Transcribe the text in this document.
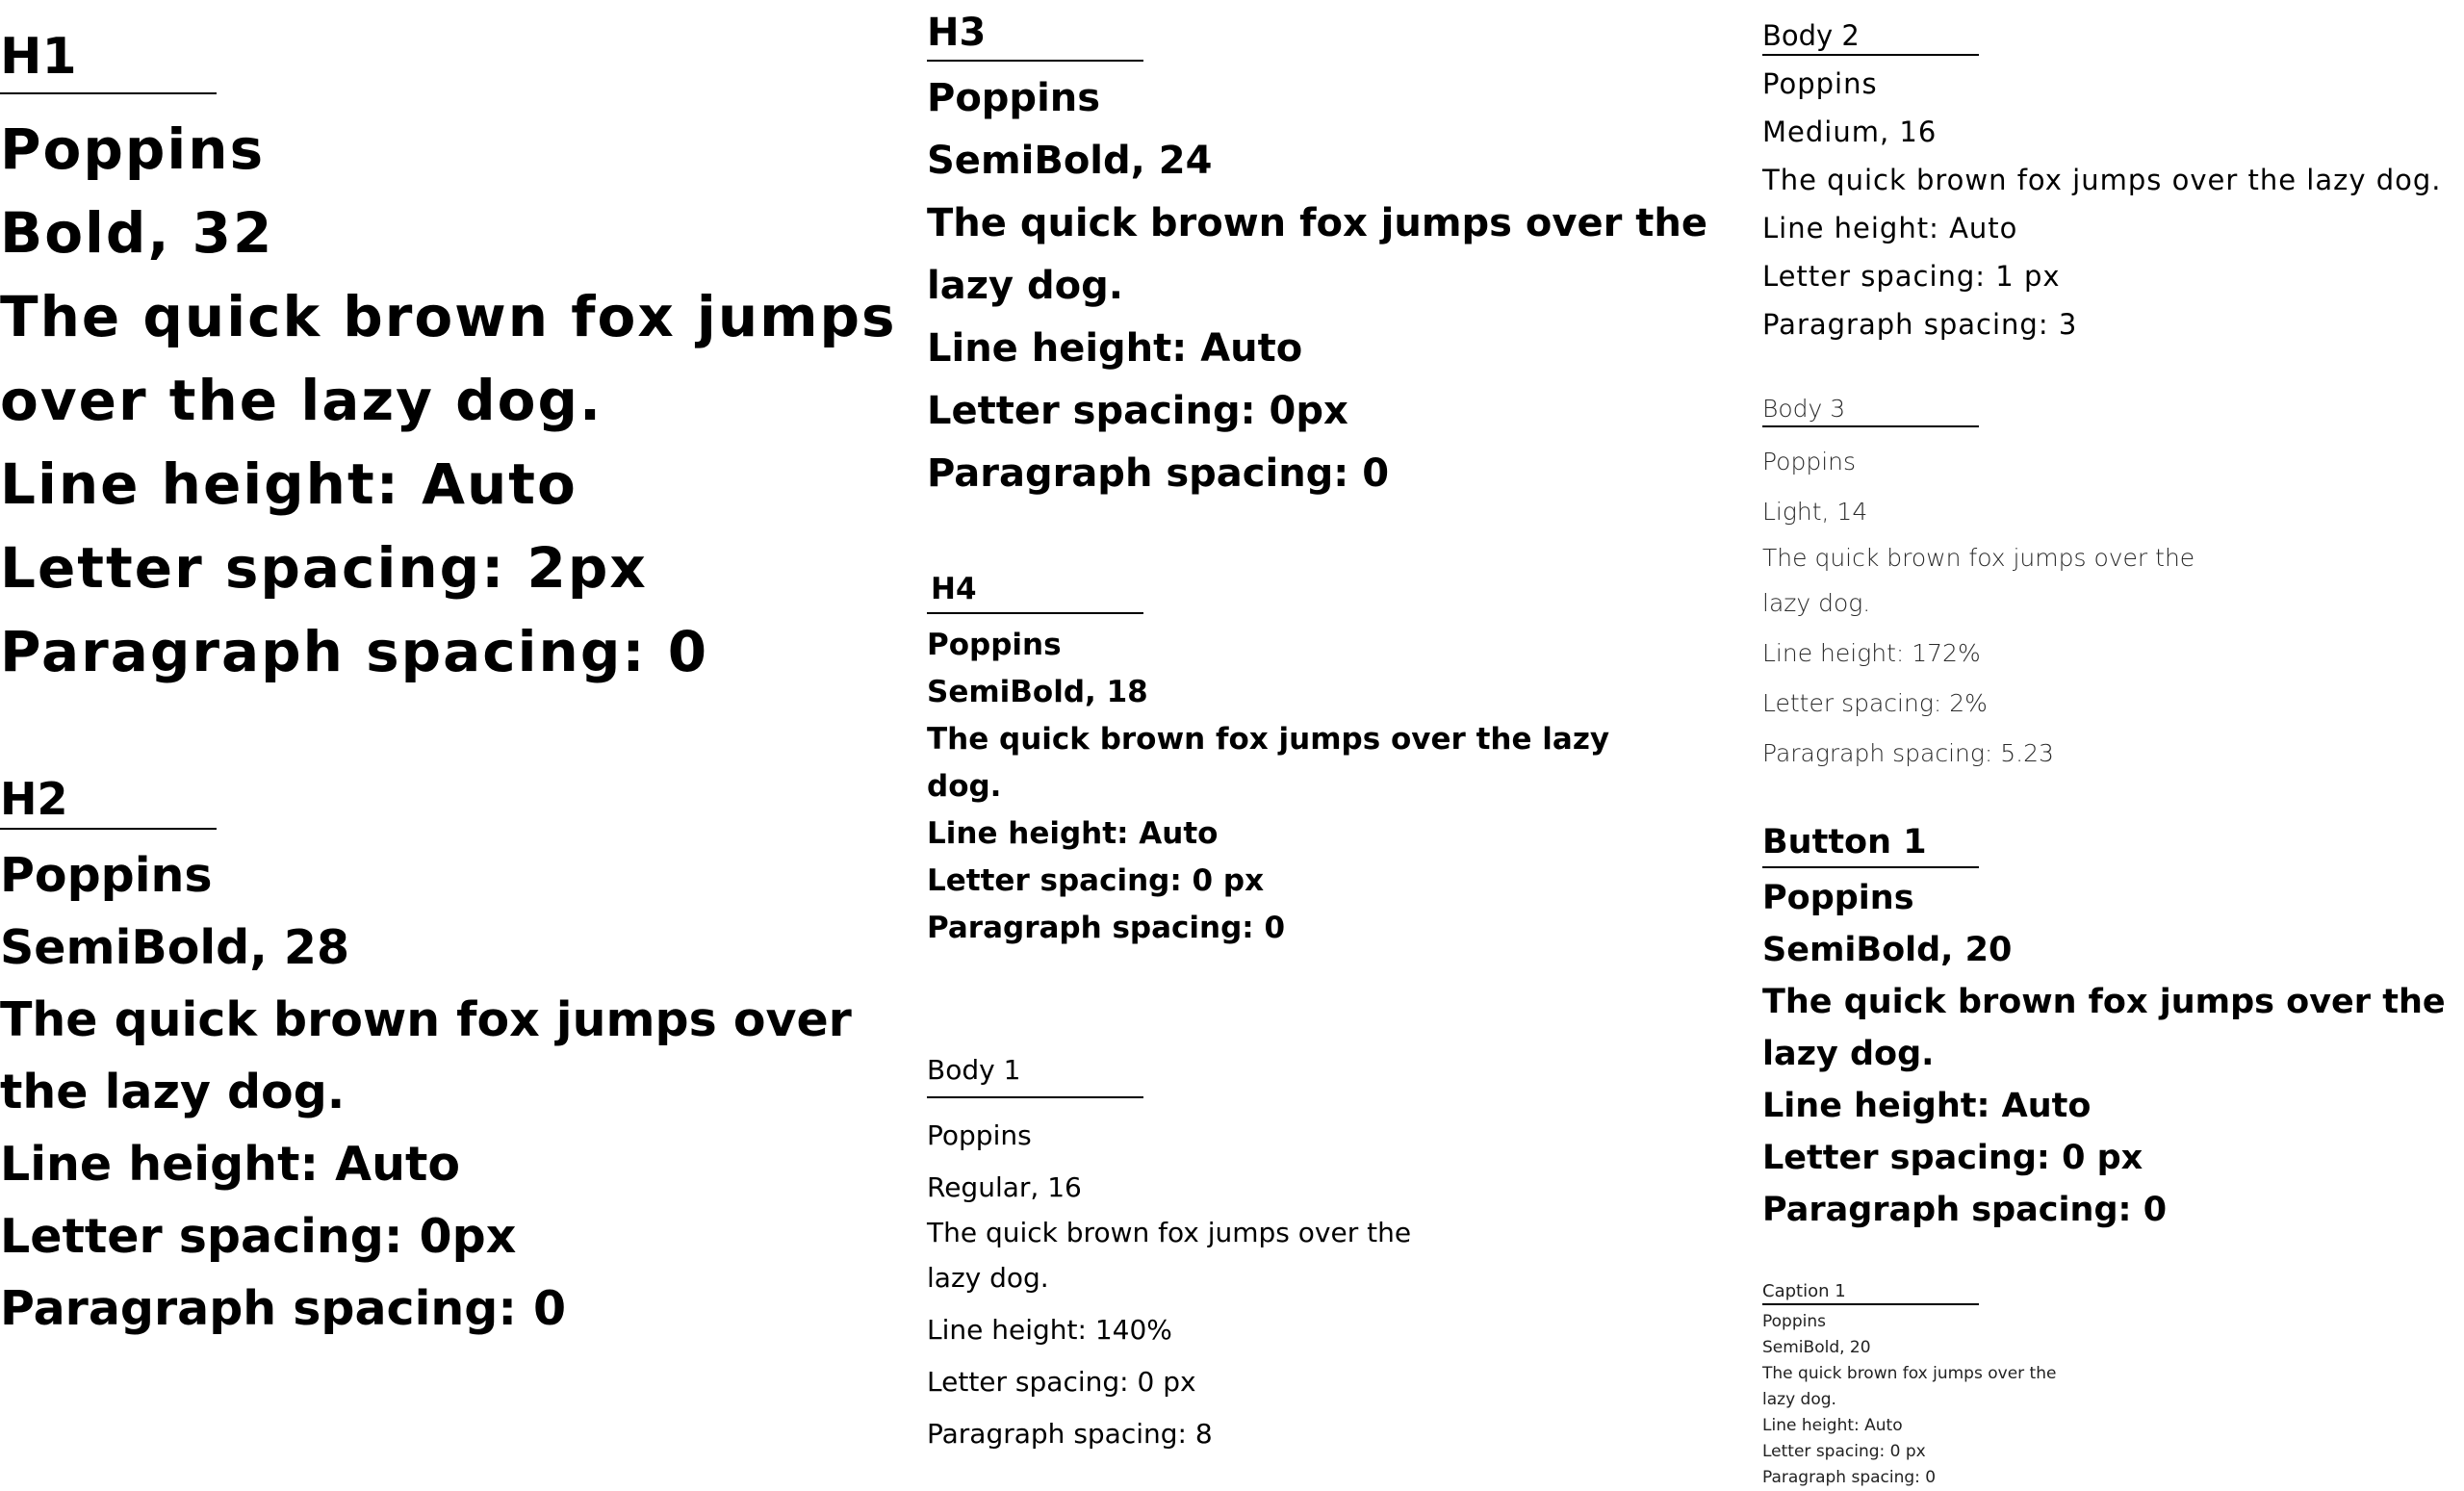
H1

Poppins

Bold, 32

The quick brown fox jumps

over the lazy dog.

Line height: Auto

Letter spacing: 2px

Paragraph spacing: 0

H2

Poppins

SemiBold, 28

The quick brown fox jumps over

the lazy dog.

Line height: Auto

Letter spacing: 0px

Paragraph spacing: 0

H3

Poppins

SemiBold, 24

The quick brown fox jumps over the

lazy dog.

Line height: Auto

Letter spacing: 0px

Paragraph spacing: 0

H4

Poppins

SemiBold, 18

The quick brown fox jumps over the lazy

dog.

Line height: Auto

Letter spacing: 0 px

Paragraph spacing: 0

Body 1

Poppins

Regular, 16

The quick brown fox jumps over the

lazy dog.

Line height: 140%

Letter spacing: 0 px

Paragraph spacing: 8

Body 2

Poppins

Medium, 16

The quick brown fox jumps over the lazy dog.

Line height: Auto

Letter spacing: 1 px

Paragraph spacing: 3

Body 3

Poppins

Light, 14

The quick brown fox jumps over the

lazy dog.

Line height: 172%

Letter spacing: 2%

Paragraph spacing: 5.23

Button 1

Poppins

SemiBold, 20

The quick brown fox jumps over the

lazy dog.

Line height: Auto

Letter spacing: 0 px

Paragraph spacing: 0

Caption 1

Poppins

SemiBold, 20

The quick brown fox jumps over the

lazy dog.

Line height: Auto

Letter spacing: 0 px

Paragraph spacing: 0
